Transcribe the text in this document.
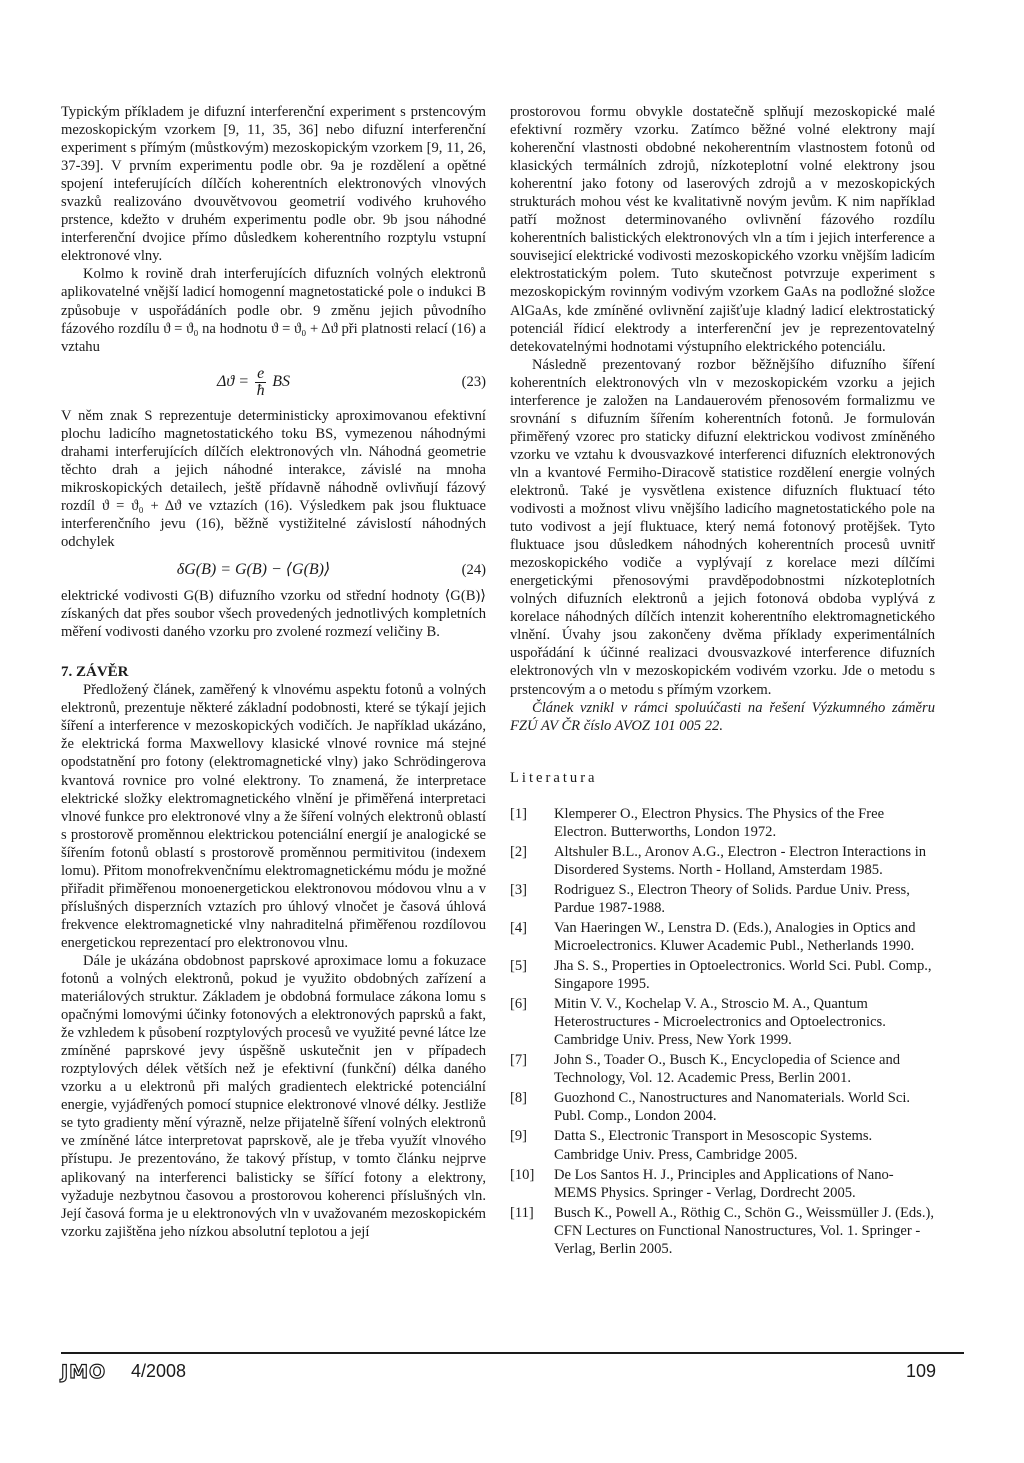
Typickým příkladem je difuzní interferenční experiment s prstencovým mezoskopickým vzorkem [9, 11, 35, 36] nebo difuzní interferenční experiment s přímým (můstkovým) mezoskopickým vzorkem [9, 11, 26, 37-39]. V prvním experimentu podle obr. 9a je rozdělení a opětné spojení inteferujících dílčích koherentních elektronových vlnových svazků realizováno dvouvětvovou geometrií vodivého kruhového prstence, kdežto v druhém experimentu podle obr. 9b jsou náhodné interferenční dvojice přímo důsledkem koherentního rozptylu vstupní elektronové vlny.

Kolmo k rovině drah interferujících difuzních volných elektronů aplikovatelné vnější ladicí homogenní magnetostatické pole o indukci B způsobuje v uspořádáních podle obr. 9 změnu jejich původního fázového rozdílu ϑ = ϑ₀ na hodnotu ϑ = ϑ₀ + Δϑ při platnosti relací (16) a vztahu

$\Delta ϑ = \frac{e}{ħ}$ BS	(23)

V něm znak S reprezentuje deterministicky aproximovanou efektivní plochu ladicího magnetostatického toku BS, vymezenou náhodnými drahami interferujících dílčích elektronových vln. Náhodná geometrie těchto drah a jejich náhodné interakce, závislé na mnoha mikroskopických detailech, ještě přídavně náhodně ovlivňují fázový rozdíl ϑ = ϑ₀ + Δϑ ve vztazích (16). Výsledkem pak jsou fluktuace interferenčního jevu (16), běžně vystižitelné závislostí náhodných odchylek

δG(B) = G(B) − ⟨G(B)⟩	(24)

elektrické vodivosti G(B) difuzního vzorku od střední hodnoty ⟨G(B)⟩ získaných dat přes soubor všech provedených jednotlivých kompletních měření vodivosti daného vzorku pro zvolené rozmezí veličiny B.

7. ZÁVĚR

Předložený článek, zaměřený k vlnovému aspektu fotonů a volných elektronů, prezentuje některé základní podobnosti, které se týkají jejich šíření a interference v mezoskopických vodičích. Je například ukázáno, že elektrická forma Maxwellovy klasické vlnové rovnice má stejné opodstatnění pro fotony (elektromagnetické vlny) jako Schrödingerova kvantová rovnice pro volné elektrony. To znamená, že interpretace elektrické složky elektromagnetického vlnění je přiměřená interpretaci vlnové funkce pro elektronové vlny a že šíření volných elektronů oblastí s prostorově proměnnou elektrickou potenciální energií je analogické se šířením fotonů oblastí s prostorově proměnnou permitivitou (indexem lomu). Přitom monofrekvenčnímu elektromagnetickému módu je možné přiřadit přiměřenou monoenergetickou elektronovou módovou vlnu a v příslušných disperzních vztazích pro úhlový vlnočet je časová úhlová frekvence elektromagnetické vlny nahraditelná přiměřenou rozdílovou energetickou reprezentací pro elektronovou vlnu.

Dále je ukázána obdobnost paprskové aproximace lomu a fokuzace fotonů a volných elektronů, pokud je využito obdobných zařízení a materiálových struktur. Základem je obdobná formulace zákona lomu s opačnými lomovými účinky fotonových a elektronových paprsků a fakt, že vzhledem k působení rozptylových procesů ve využité pevné látce lze zmíněné paprskové jevy úspěšně uskutečnit jen v případech rozptylových délek větších než je efektivní (funkční) délka daného vzorku a u elektronů při malých gradientech elektrické potenciální energie, vyjádřených pomocí stupnice elektronové vlnové délky. Jestliže se tyto gradienty mění výrazně, nelze přijatelně šíření volných elektronů ve zmíněné látce interpretovat paprskově, ale je třeba využít vlnového přístupu. Je prezentováno, že takový přístup, v tomto článku nejprve aplikovaný na interferenci balisticky se šířící fotony a elektrony, vyžaduje nezbytnou časovou a prostorovou koherenci příslušných vln. Její časová forma je u elektronových vln v uvažovaném mezoskopickém vzorku zajištěna jeho nízkou absolutní teplotou a její

prostorovou formu obvykle dostatečně splňují mezoskopické malé efektivní rozměry vzorku. Zatímco běžné volné elektrony mají koherenční vlastnosti obdobné nekoherentním vlastnostem fotonů od klasických termálních zdrojů, nízkoteplotní volné elektrony jsou koherentní jako fotony od laserových zdrojů a v mezoskopických strukturách mohou vést ke kvalitativně novým jevům. K nim například patří možnost determinovaného ovlivnění fázového rozdílu koherentních balistických elektronových vln a tím i jejich interference a souvisejicí elektrické vodivosti mezoskopického vzorku vnějším ladicím elektrostatickým polem. Tuto skutečnost potvrzuje experiment s mezoskopickým rovinným vodivým vzorkem GaAs na podložné složce AlGaAs, kde zmíněné ovlivnění zajišťuje kladný ladicí elektrostatický potenciál řídicí elektrody a interferenční jev je reprezentovatelný detekovatelnými hodnotami výstupního elektrického potenciálu.

Následně prezentovaný rozbor běžnějšího difuzního šíření koherentních elektronových vln v mezoskopickém vzorku a jejich interference je založen na Landauerovém přenosovém formalizmu ve srovnání s difuzním šířením koherentních fotonů. Je formulován přiměřený vzorec pro staticky difuzní elektrickou vodivost zmíněného vzorku ve vztahu k dvousvazkové interferenci difuzních elektronových vln a kvantové Fermiho-Diracově statistice rozdělení energie volných elektronů. Také je vysvětlena existence difuzních fluktuací této vodivosti a možnost vlivu vnějšího ladicího magnetostatického pole na tuto vodivost a její fluktuace, který nemá fotonový protějšek. Tyto fluktuace jsou důsledkem náhodných koherentních procesů uvnitř mezoskopického vodiče a vyplývají z korelace mezi dílčími energetickými přenosovými pravděpodobnostmi nízkoteplotních volných difuzních elektronů a jejich fotonová obdoba vyplývá z korelace náhodných dílčích intenzit koherentního elektromagnetického vlnění. Úvahy jsou zakončeny dvěma příklady experimentálních uspořádání k účinné realizaci dvousvazkové interference difuzních elektronových vln v mezoskopickém vodivém vzorku. Jde o metodu s prstencovým a o metodu s přímým vzorkem.

Článek vznikl v rámci spoluúčasti na řešení Výzkumného záměru FZÚ AV ČR číslo AVOZ 101 005 22.

Literatura
[1]	Klemperer O., Electron Physics. The Physics of the Free Electron. Butterworths, London 1972.
[2]	Altshuler B.L., Aronov A.G., Electron - Electron Interactions in Disordered Systems. North - Holland, Amsterdam 1985.
[3]	Rodriguez S., Electron Theory of Solids. Pardue Univ. Press, Pardue 1987-1988.
[4]	Van Haeringen W., Lenstra D. (Eds.), Analogies in Optics and Microelectronics. Kluwer Academic Publ., Netherlands 1990.
[5]	Jha S. S., Properties in Optoelectronics. World Sci. Publ. Comp., Singapore 1995.
[6]	Mitin V. V., Kochelap V. A., Stroscio M. A., Quantum Heterostructures - Microelectronics and Optoelectronics. Cambridge Univ. Press, New York 1999.
[7]	John S., Toader O., Busch K., Encyclopedia of Science and Technology, Vol. 12. Academic Press, Berlin 2001.
[8]	Guozhond C., Nanostructures and Nanomaterials. World Sci. Publ. Comp., London 2004.
[9]	Datta S., Electronic Transport in Mesoscopic Systems. Cambridge Univ. Press, Cambridge 2005.
[10]	De Los Santos H. J., Principles and Applications of Nano-MEMS Physics. Springer - Verlag, Dordrecht 2005.
[11]	Busch K., Powell A., Röthig C., Schön G., Weissmüller J. (Eds.), CFN Lectures on Functional Nanostructures, Vol. 1. Springer - Verlag, Berlin 2005.
JMO 4/2008	109
